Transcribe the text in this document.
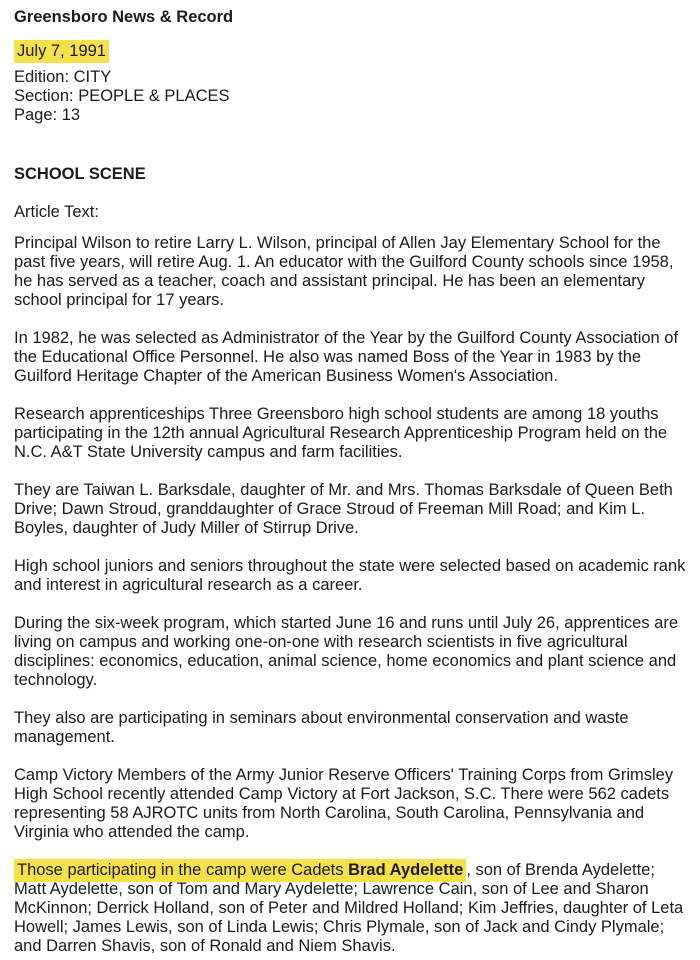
Greensboro News & Record

July 7, 1991

Edition: CITY

Section: PEOPLE & PLACES

Page: 13

SCHOOL SCENE

Article Text:

Principal Wilson to retire Larry L. Wilson, principal of Allen Jay Elementary School for the past five years, will retire Aug. 1. An educator with the Guilford County schools since 1958, he has served as a teacher, coach and assistant principal. He has been an elementary school principal for 17 years.

In 1982, he was selected as Administrator of the Year by the Guilford County Association of the Educational Office Personnel. He also was named Boss of the Year in 1983 by the Guilford Heritage Chapter of the American Business Women's Association.

Research apprenticeships Three Greensboro high school students are among 18 youths participating in the 12th annual Agricultural Research Apprenticeship Program held on the N.C. A&T State University campus and farm facilities.

They are Taiwan L. Barksdale, daughter of Mr. and Mrs. Thomas Barksdale of Queen Beth Drive; Dawn Stroud, granddaughter of Grace Stroud of Freeman Mill Road; and Kim L. Boyles, daughter of Judy Miller of Stirrup Drive.

High school juniors and seniors throughout the state were selected based on academic rank and interest in agricultural research as a career.

During the six-week program, which started June 16 and runs until July 26, apprentices are living on campus and working one-on-one with research scientists in five agricultural disciplines: economics, education, animal science, home economics and plant science and technology.

They also are participating in seminars about environmental conservation and waste management.

Camp Victory Members of the Army Junior Reserve Officers' Training Corps from Grimsley High School recently attended Camp Victory at Fort Jackson, S.C. There were 562 cadets representing 58 AJROTC units from North Carolina, South Carolina, Pennsylvania and Virginia who attended the camp.

Those participating in the camp were Cadets Brad Aydelette , son of Brenda Aydelette; Matt Aydelette, son of Tom and Mary Aydelette; Lawrence Cain, son of Lee and Sharon McKinnon; Derrick Holland, son of Peter and Mildred Holland; Kim Jeffries, daughter of Leta Howell; James Lewis, son of Linda Lewis; Chris Plymale, son of Jack and Cindy Plymale; and Darren Shavis, son of Ronald and Niem Shavis.
